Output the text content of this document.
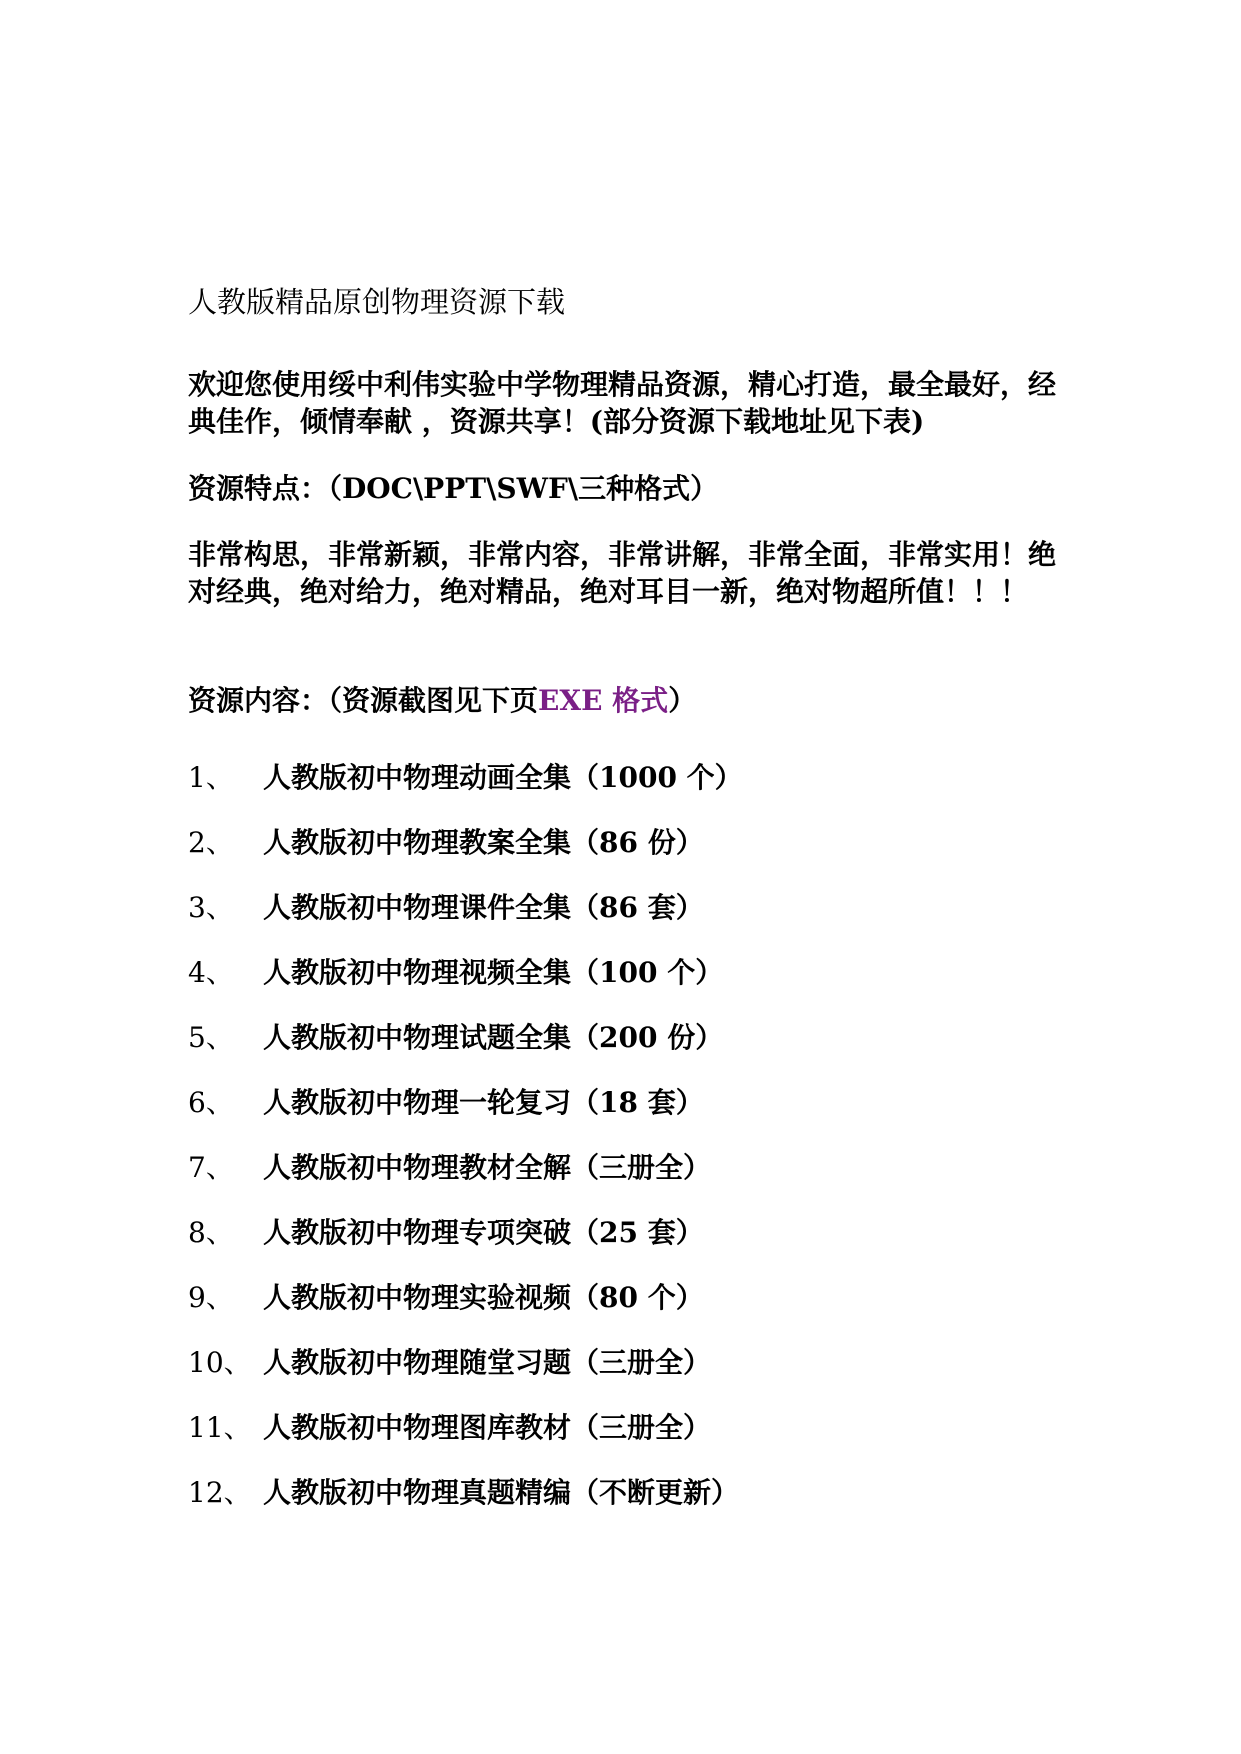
人教版精品原创物理资源下载

欢迎您使用绥中利伟实验中学物理精品资源，精心打造，最全最好，经典佳作，倾情奉献 ，资源共享！(部分资源下载地址见下表)

资源特点：（DOC\PPT\SWF\三种格式）

非常构思，非常新颖，非常内容，非常讲解，非常全面，非常实用！绝对经典，绝对给力，绝对精品，绝对耳目一新，绝对物超所值！！！

资源内容：（资源截图见下页EXE 格式）

1、 人教版初中物理动画全集（1000 个）
2、 人教版初中物理教案全集（86 份）
3、 人教版初中物理课件全集（86 套）
4、 人教版初中物理视频全集（100 个）
5、 人教版初中物理试题全集（200 份）
6、 人教版初中物理一轮复习（18 套）
7、 人教版初中物理教材全解（三册全）
8、 人教版初中物理专项突破（25 套）
9、 人教版初中物理实验视频（80 个）
10、 人教版初中物理随堂习题（三册全）
11、 人教版初中物理图库教材（三册全）
12、 人教版初中物理真题精编（不断更新）
